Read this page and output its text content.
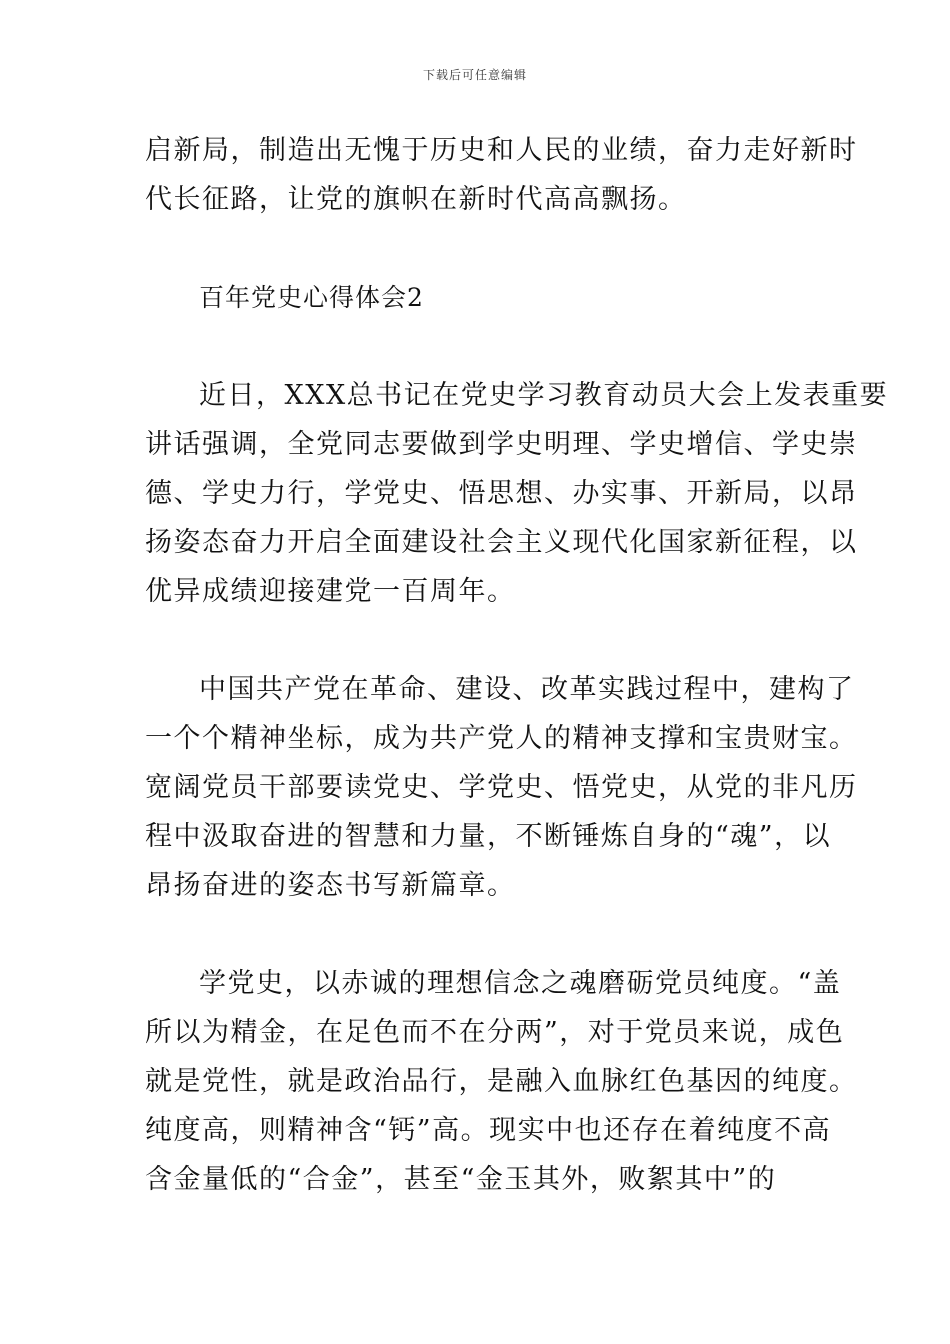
下载后可任意编辑
启新局，制造出无愧于历史和人民的业绩，奋力走好新时
代长征路，让党的旗帜在新时代高高飘扬。
百年党史心得体会2
近日，XXX总书记在党史学习教育动员大会上发表重要
讲话强调，全党同志要做到学史明理、学史增信、学史崇
德、学史力行，学党史、悟思想、办实事、开新局，以昂
扬姿态奋力开启全面建设社会主义现代化国家新征程，以
优异成绩迎接建党一百周年。
中国共产党在革命、建设、改革实践过程中，建构了
一个个精神坐标，成为共产党人的精神支撑和宝贵财宝。
宽阔党员干部要读党史、学党史、悟党史，从党的非凡历
程中汲取奋进的智慧和力量，不断锤炼自身的“魂”，以
昂扬奋进的姿态书写新篇章。
学党史，以赤诚的理想信念之魂磨砺党员纯度。“盖
所以为精金，在足色而不在分两”，对于党员来说，成色
就是党性，就是政治品行，是融入血脉红色基因的纯度。
纯度高，则精神含“钙”高。现实中也还存在着纯度不高
含金量低的“合金”，甚至“金玉其外，败絮其中”的
